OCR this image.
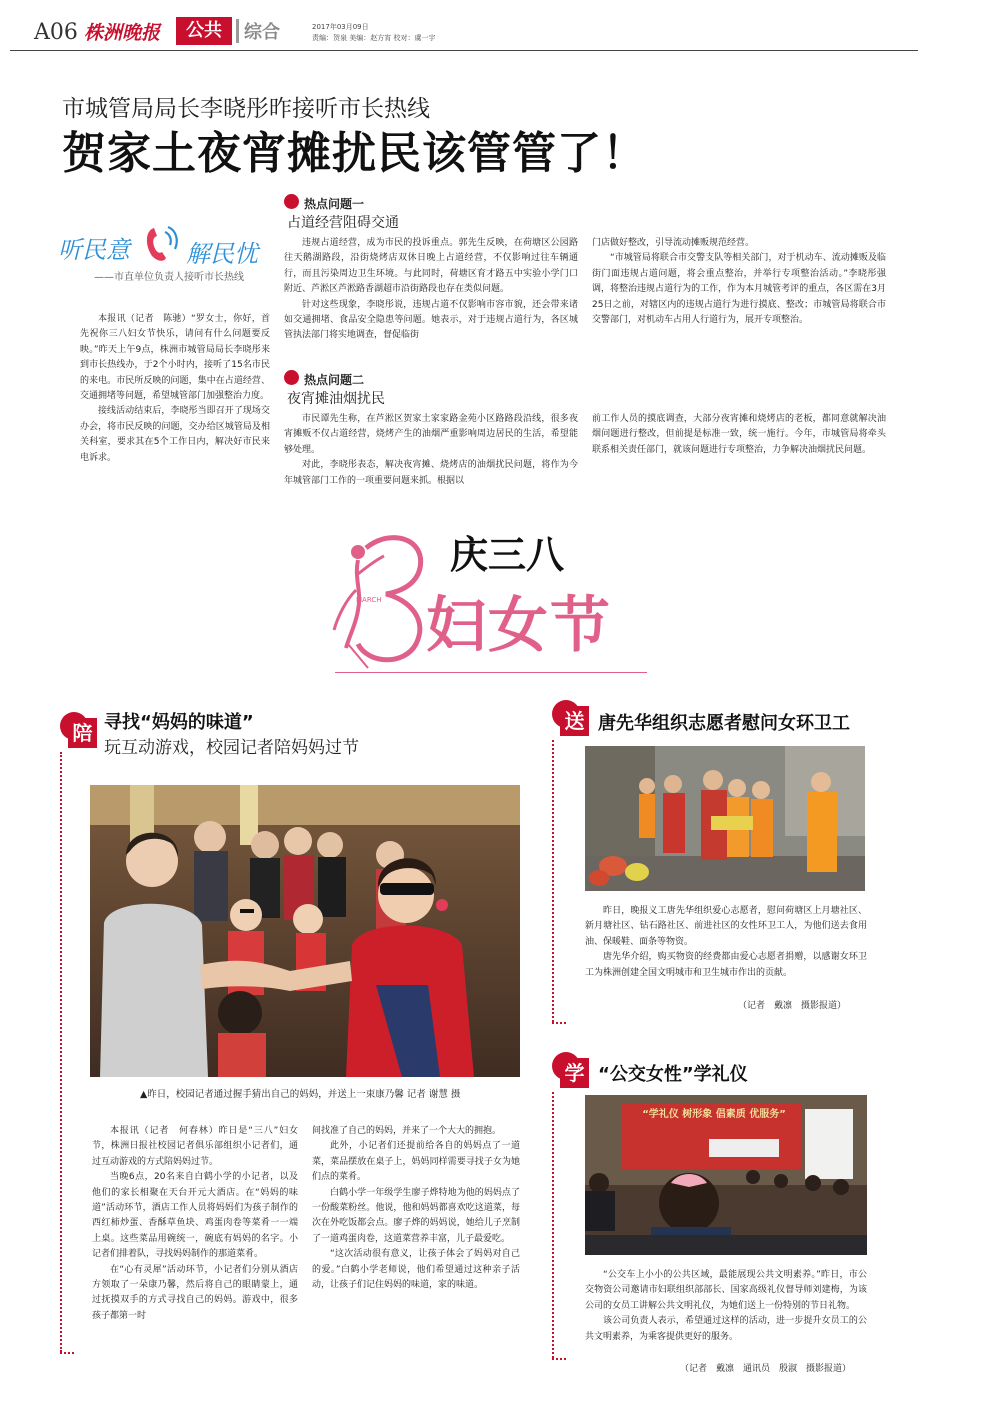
A06 株洲晚报	公共	综合	2017年03月09日
责编：贺泉 美编：赵方宵 校对：虞一宇
市城管局局长李晓彤昨接听市长热线
贺家土夜宵摊扰民该管管了！
听民意 解民忧
——市直单位负责人接听市长热线

本报讯（记者　陈驰）“罗女士，你好，首先祝你三八妇女节快乐，请问有什么问题要反映。”昨天上午9点，株洲市城管局局长李晓彤来到市长热线办，于2个小时内，接听了15名市民的来电。市民所反映的问题，集中在占道经营、交通拥堵等问题，希望城管部门加强整治力度。

接线活动结束后，李晓彤当即召开了现场交办会，将市民反映的问题，交办给区城管局及相关科室，要求其在5个工作日内，解决好市民来电诉求。

热点问题一
占道经营阻碍交通

违规占道经营，成为市民的投诉重点。郭先生反映，在荷塘区公园路往天鹅湖路段，沿街烧烤店双休日晚上占道经营，不仅影响过往车辆通行，而且污染周边卫生环境。与此同时，荷塘区育才路五中实验小学门口附近、芦淞区芦淞路香湖超市沿街路段也存在类似问题。

针对这些现象，李晓彤说，违规占道不仅影响市容市貌，还会带来诸如交通拥堵、食品安全隐患等问题。她表示，对于违规占道行为，各区城管执法部门将实地调查，督促临街

门店做好整改，引导流动摊贩规范经营。

“市城管局将联合市交警支队等相关部门，对于机动车、流动摊贩及临街门面违规占道问题，将会重点整治，并举行专项整治活动。”李晓彤强调，将整治违规占道行为的工作，作为本月城管考评的重点，各区需在3月25日之前，对辖区内的违规占道行为进行摸底、整改；市城管局将联合市交警部门，对机动车占用人行道行为，展开专项整治。

热点问题二
夜宵摊油烟扰民

市民谭先生称，在芦淞区贺家土家家路金苑小区路路段沿线，很多夜宵摊贩不仅占道经营，烧烤产生的油烟严重影响周边居民的生活，希望能够处理。

对此，李晓彤表态，解决夜宵摊、烧烤店的油烟扰民问题，将作为今年城管部门工作的一项重要问题来抓。根据以

前工作人员的摸底调查，大部分夜宵摊和烧烤店的老板，都同意就解决油烟问题进行整改，但前提是标准一致，统一施行。今年，市城管局将牵头联系相关责任部门，就该问题进行专项整治，力争解决油烟扰民问题。

MARCH
庆三八
妇女节
陪 寻找“妈妈的味道”
玩互动游戏，校园记者陪妈妈过节
▲昨日，校园记者通过握手猜出自己的妈妈，并送上一束康乃馨 记者 谢慧 摄

本报讯（记者　何春林）昨日是“三八”妇女节，株洲日报社校园记者俱乐部组织小记者们，通过互动游戏的方式陪妈妈过节。

当晚6点，20名来自白鹤小学的小记者，以及他们的家长相聚在天台开元大酒店。在“妈妈的味道”活动环节，酒店工作人员将妈妈们为孩子制作的西红柿炒蛋、香酥草鱼块、鸡蛋肉卷等菜肴一一端上桌。这些菜品用碗统一，碗底有妈妈的名字。小记者们排着队，寻找妈妈制作的那道菜肴。

在“心有灵犀”活动环节，小记者们分别从酒店方领取了一朵康乃馨，然后将自己的眼睛蒙上，通过抚摸双手的方式寻找自己的妈妈。游戏中，很多孩子都第一时

间找准了自己的妈妈，并来了一个大大的拥抱。

此外，小记者们还提前给各自的妈妈点了一道菜，菜品摆放在桌子上，妈妈同样需要寻找子女为她们点的菜肴。

白鹤小学一年级学生廖子烨特地为他的妈妈点了一份酸菜粉丝。他说，他和妈妈都喜欢吃这道菜，每次在外吃饭都会点。廖子烨的妈妈说，她给儿子烹制了一道鸡蛋肉卷，这道菜营养丰富，儿子最爱吃。

“这次活动很有意义，让孩子体会了妈妈对自己的爱。”白鹤小学老师说，他们希望通过这种亲子活动，让孩子们记住妈妈的味道，家的味道。

送 唐先华组织志愿者慰问女环卫工

昨日，晚报义工唐先华组织爱心志愿者，慰问荷塘区上月塘社区、新月塘社区、钻石路社区、前进社区的女性环卫工人，为他们送去食用油、保暖鞋、面条等物资。

唐先华介绍，购买物资的经费都由爱心志愿者捐赠，以感谢女环卫工为株洲创建全国文明城市和卫生城市作出的贡献。

（记者　戴凛　摄影报道）
学 “公交女性”学礼仪
“学礼仪 树形象 倡素质 优服务”

“公交车上小小的公共区域，最能展现公共文明素养。”昨日，市公交物资公司邀请市妇联组织部部长、国家高级礼仪督导师刘建梅，为该公司的女员工讲解公共文明礼仪，为她们送上一份特别的节日礼物。

该公司负责人表示，希望通过这样的活动，进一步提升女员工的公共文明素养，为乘客提供更好的服务。

（记者　戴凛　通讯员　殷淑　摄影报道）
